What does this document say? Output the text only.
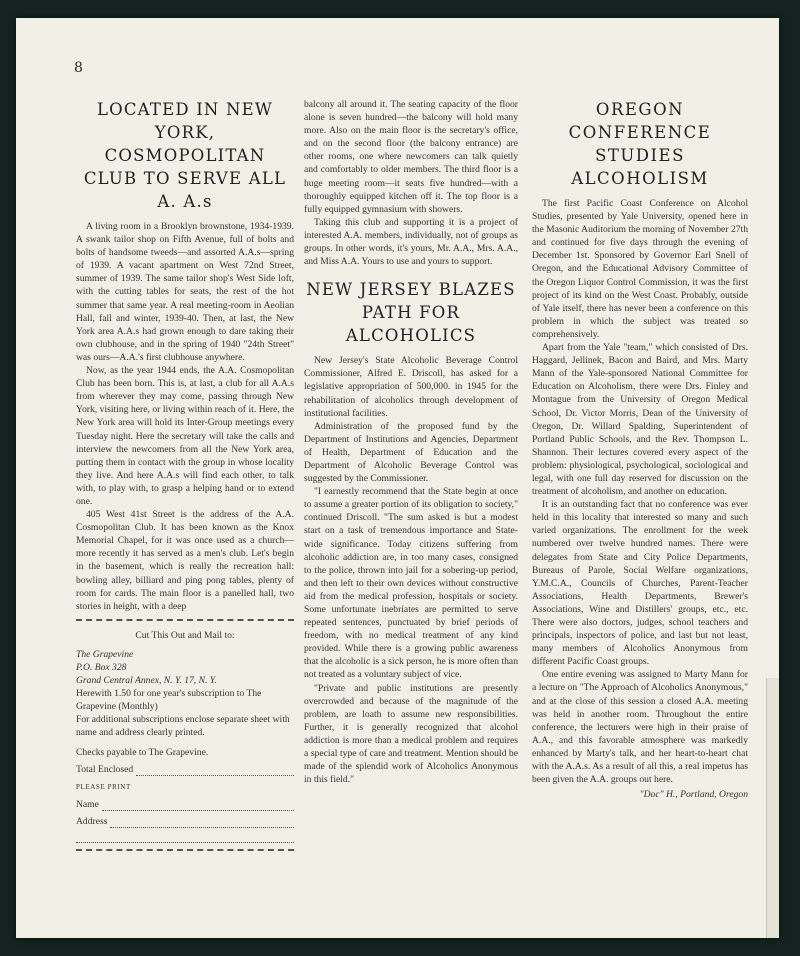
8
LOCATED IN NEW YORK, COSMOPOLITAN CLUB TO SERVE ALL A. A.s

A living room in a Brooklyn brownstone, 1934-1939. A swank tailor shop on Fifth Avenue, full of bolts and bolts of handsome tweeds—and assorted A.A.s—spring of 1939. A vacant apartment on West 72nd Street, summer of 1939. The same tailor shop's West Side loft, with the cutting tables for seats, the rest of the hot summer that same year. A real meeting-room in Aeolian Hall, fall and winter, 1939-40. Then, at last, the New York area A.A.s had grown enough to dare taking their own clubhouse, and in the spring of 1940 "24th Street" was ours—A.A.'s first clubhouse anywhere.

Now, as the year 1944 ends, the A.A. Cosmopolitan Club has been born. This is, at last, a club for all A.A.s from wherever they may come, passing through New York, visiting here, or living within reach of it. Here, the New York area will hold its Inter-Group meetings every Tuesday night. Here the secretary will take the calls and interview the newcomers from all the New York area, putting them in contact with the group in whose locality they live. And here A.A.s will find each other, to talk with, to play with, to grasp a helping hand or to extend one.

405 West 41st Street is the address of the A.A. Cosmopolitan Club. It has been known as the Knox Memorial Chapel, for it was once used as a church—more recently it has served as a men's club. Let's begin in the basement, which is really the recreation hall: bowling alley, billiard and ping pong tables, plenty of room for cards. The main floor is a panelled hall, two stories in height, with a deep

Cut This Out and Mail to:
The Grapevine
P.O. Box 328
Grand Central Annex, N. Y. 17, N. Y.
Herewith 1.50 for one year's subscription to The Grapevine (Monthly)
For additional subscriptions enclose separate sheet with name and address clearly printed.
Checks payable to The Grapevine.
Total Enclosed
PLEASE PRINT
Name
Address

balcony all around it. The seating capacity of the floor alone is seven hundred—the balcony will hold many more. Also on the main floor is the secretary's office, and on the second floor (the balcony entrance) are other rooms, one where newcomers can talk quietly and comfortably to older members. The third floor is a huge meeting room—it seats five hundred—with a thoroughly equipped kitchen off it. The top floor is a fully equipped gymnasium with showers.

Taking this club and supporting it is a project of interested A.A. members, individually, not of groups as groups. In other words, it's yours, Mr. A.A., Mrs. A.A., and Miss A.A. Yours to use and yours to support.

NEW JERSEY BLAZES PATH FOR ALCOHOLICS

New Jersey's State Alcoholic Beverage Control Commissioner, Alfred E. Driscoll, has asked for a legislative appropriation of 500,000. in 1945 for the rehabilitation of alcoholics through development of institutional facilities.

Administration of the proposed fund by the Department of Institutions and Agencies, Department of Health, Department of Education and the Department of Alcoholic Beverage Control was suggested by the Commissioner.

"I earnestly recommend that the State begin at once to assume a greater portion of its obligation to society," continued Driscoll. "The sum asked is but a modest start on a task of tremendous importance and State-wide significance. Today citizens suffering from alcoholic addiction are, in too many cases, consigned to the police, thrown into jail for a sobering-up period, and then left to their own devices without constructive aid from the medical profession, hospitals or society. Some unfortunate inebriates are permitted to serve repeated sentences, punctuated by brief periods of freedom, with no medical treatment of any kind provided. While there is a growing public awareness that the alcoholic is a sick person, he is more often than not treated as a voluntary subject of vice.

"Private and public institutions are presently overcrowded and because of the magnitude of the problem, are loath to assume new responsibilities. Further, it is generally recognized that alcohol addiction is more than a medical problem and requires a special type of care and treatment. Mention should be made of the splendid work of Alcoholics Anonymous in this field."

OREGON CONFERENCE STUDIES ALCOHOLISM

The first Pacific Coast Conference on Alcohol Studies, presented by Yale University, opened here in the Masonic Auditorium the morning of November 27th and continued for five days through the evening of December 1st. Sponsored by Governor Earl Snell of Oregon, and the Educational Advisory Committee of the Oregon Liquor Control Commission, it was the first project of its kind on the West Coast. Probably, outside of Yale itself, there has never been a conference on this problem in which the subject was treated so comprehensively.

Apart from the Yale "team," which consisted of Drs. Haggard, Jellinek, Bacon and Baird, and Mrs. Marty Mann of the Yale-sponsored National Committee for Education on Alcoholism, there were Drs. Finley and Montague from the University of Oregon Medical School, Dr. Victor Morris, Dean of the University of Oregon, Dr. Willard Spalding, Superintendent of Portland Public Schools, and the Rev. Thompson L. Shannon. Their lectures covered every aspect of the problem: physiological, psychological, sociological and legal, with one full day reserved for discussion on the treatment of alcoholism, and another on education.

It is an outstanding fact that no conference was ever held in this locality that interested so many and such varied organizations. The enrollment for the week numbered over twelve hundred names. There were delegates from State and City Police Departments, Bureaus of Parole, Social Welfare organizations, Y.M.C.A., Councils of Churches, Parent-Teacher Associations, Health Departments, Brewer's Associations, Wine and Distillers' groups, etc., etc. There were also doctors, judges, school teachers and principals, inspectors of police, and last but not least, many members of Alcoholics Anonymous from different Pacific Coast groups.

One entire evening was assigned to Marty Mann for a lecture on "The Approach of Alcoholics Anonymous," and at the close of this session a closed A.A. meeting was held in another room. Throughout the entire conference, the lecturers were high in their praise of A.A., and this favorable atmosphere was markedly enhanced by Marty's talk, and her heart-to-heart chat with the A.A.s. As a result of all this, a real impetus has been given the A.A. groups out here.

"Doc" H., Portland, Oregon
